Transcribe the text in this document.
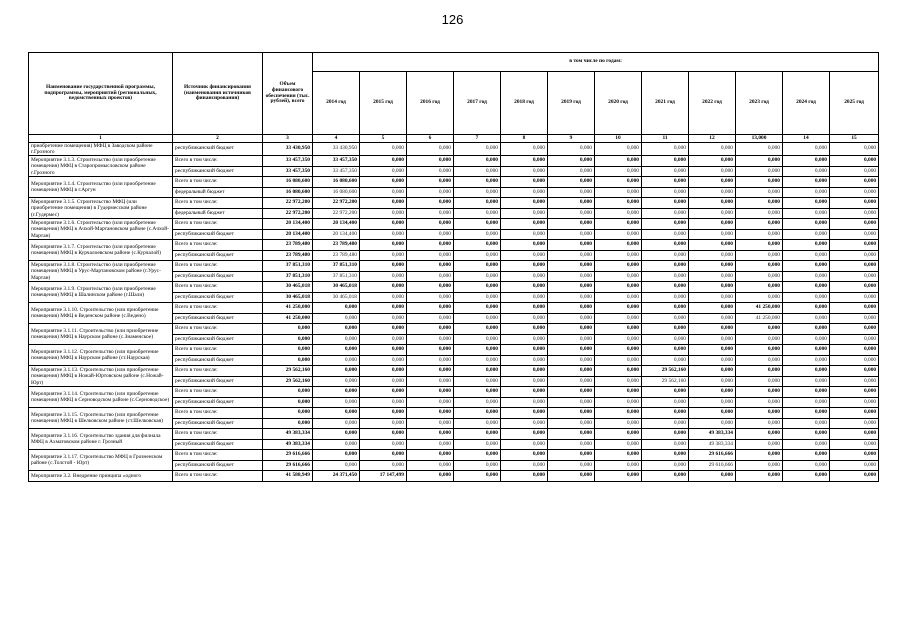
126
Наименование государственной программы, подпрограммы, мероприятий (региональных, ведомственных проектов)	Источник финансирования (наименования источников финансирования)	Объем финансового обеспечения (тыс. рублей), всего	в том числе по годам:											
			2014 год	2015 год	2016 год	2017 год	2018 год	2019 год	2020 год	2021 год	2022 год	2023 год	2024 год	2025 год
1	2	3	4	5	6	7	8	9	10	11	12	13,000	14	15
приобретение помещения) МФЦ в Заводском районе г.Грозного	республиканский бюджет	33 430,950	33 430,950	0,000	0,000	0,000	0,000	0,000	0,000	0,000	0,000	0,000	0,000	0,000
Мероприятие 3.1.3. Строительство (или приобретение помещения) МФЦ в Старопромысловском районе г.Грозного	Всего в том числе:	33 457,350	33 457,350	0,000	0,000	0,000	0,000	0,000	0,000	0,000	0,000	0,000	0,000	0,000
	республиканский бюджет	33 457,350	33 457,350	0,000	0,000	0,000	0,000	0,000	0,000	0,000	0,000	0,000	0,000	0,000
Мероприятие 3.1.4. Строительство (или приобретение помещения) МФЦ в г.Аргун	Всего в том числе:	16 080,600	16 080,600	0,000	0,000	0,000	0,000	0,000	0,000	0,000	0,000	0,000	0,000	0,000
	федеральный бюджет	16 080,600	16 080,600	0,000	0,000	0,000	0,000	0,000	0,000	0,000	0,000	0,000	0,000	0,000
Мероприятие 3.1.5. Строительство МФЦ (или приобретение помещения) в Гудермесском районе (г.Гудермес)	Всего в том числе:	22 972,200	22 972,200	0,000	0,000	0,000	0,000	0,000	0,000	0,000	0,000	0,000	0,000	0,000
	федеральный бюджет	22 972,200	22 972,200	0,000	0,000	0,000	0,000	0,000	0,000	0,000	0,000	0,000	0,000	0,000
Мероприятие 3.1.6. Строительство (или приобретение помещения) МФЦ в Ачхой-Мартановском районе (с.Ачхой-Мартан)	Всего в том числе:	20 134,400	20 134,400	0,000	0,000	0,000	0,000	0,000	0,000	0,000	0,000	0,000	0,000	0,000
	республиканский бюджет	20 134,400	20 134,400	0,000	0,000	0,000	0,000	0,000	0,000	0,000	0,000	0,000	0,000	0,000
Мероприятие 3.1.7. Строительство (или приобретение помещения) МФЦ в Курчалоевском районе (с.Курчалой)	Всего в том числе:	23 789,480	23 789,480	0,000	0,000	0,000	0,000	0,000	0,000	0,000	0,000	0,000	0,000	0,000
	республиканский бюджет	23 789,480	23 789,480	0,000	0,000	0,000	0,000	0,000	0,000	0,000	0,000	0,000	0,000	0,000
Мероприятие 3.1.8. Строительство (или приобретение помещения) МФЦ в Урус-Мартановском районе (г.Урус-Мартан)	Всего в том числе:	37 851,310	37 851,310	0,000	0,000	0,000	0,000	0,000	0,000	0,000	0,000	0,000	0,000	0,000
	республиканский бюджет	37 851,310	37 851,310	0,000	0,000	0,000	0,000	0,000	0,000	0,000	0,000	0,000	0,000	0,000
Мероприятие 3.1.9. Строительство (или приобретение помещения) МФЦ в Шалинском районе (г.Шали)	Всего в том числе:	30 465,018	30 465,018	0,000	0,000	0,000	0,000	0,000	0,000	0,000	0,000	0,000	0,000	0,000
	республиканский бюджет	30 465,018	30 465,018	0,000	0,000	0,000	0,000	0,000	0,000	0,000	0,000	0,000	0,000	0,000
Мероприятие 3.1.10. Строительство (или приобретение помещения) МФЦ в Веденском районе (с.Ведено)	Всего в том числе:	41 250,000	0,000	0,000	0,000	0,000	0,000	0,000	0,000	0,000	0,000	41 250,000	0,000	0,000
	республиканский бюджет	41 250,000	0,000	0,000	0,000	0,000	0,000	0,000	0,000	0,000	0,000	41 250,000	0,000	0,000
Мероприятие 3.1.11. Строительство (или приобретение помещения) МФЦ в Наурском районе (с.Знаменское)	Всего в том числе:	0,000	0,000	0,000	0,000	0,000	0,000	0,000	0,000	0,000	0,000	0,000	0,000	0,000
	республиканский бюджет	0,000	0,000	0,000	0,000	0,000	0,000	0,000	0,000	0,000	0,000	0,000	0,000	0,000
Мероприятие 3.1.12. Строительство (или приобретение помещения) МФЦ в Наурском районе (ст.Наурская)	Всего в том числе:	0,000	0,000	0,000	0,000	0,000	0,000	0,000	0,000	0,000	0,000	0,000	0,000	0,000
	республиканский бюджет	0,000	0,000	0,000	0,000	0,000	0,000	0,000	0,000	0,000	0,000	0,000	0,000	0,000
Мероприятие 3.1.13. Строительство (или приобретение помещения) МФЦ в Ножай-Юртовском районе (с.Ножай-Юрт)	Всего в том числе:	29 562,160	0,000	0,000	0,000	0,000	0,000	0,000	0,000	29 562,160	0,000	0,000	0,000	0,000
	республиканский бюджет	29 562,160	0,000	0,000	0,000	0,000	0,000	0,000	0,000	29 562,160	0,000	0,000	0,000	0,000
Мероприятие 3.1.14. Строительство (или приобретение помещения) МФЦ в Серноводском районе (с.Серноводское)	Всего в том числе:	0,000	0,000	0,000	0,000	0,000	0,000	0,000	0,000	0,000	0,000	0,000	0,000	0,000
	республиканский бюджет	0,000	0,000	0,000	0,000	0,000	0,000	0,000	0,000	0,000	0,000	0,000	0,000	0,000
Мероприятие 3.1.15. Строительство (или приобретение помещения) МФЦ в Шелковском районе (ст.Шелковская)	Всего в том числе:	0,000	0,000	0,000	0,000	0,000	0,000	0,000	0,000	0,000	0,000	0,000	0,000	0,000
	республиканский бюджет	0,000	0,000	0,000	0,000	0,000	0,000	0,000	0,000	0,000	0,000	0,000	0,000	0,000
Мероприятие 3.1.16. Строительство здания для филиала МФЦ в Ахматовском районе г. Грозный	Всего в том числе:	49 383,334	0,000	0,000	0,000	0,000	0,000	0,000	0,000	0,000	49 383,334	0,000	0,000	0,000
	республиканский бюджет	49 383,334	0,000	0,000	0,000	0,000	0,000	0,000	0,000	0,000	49 383,334	0,000	0,000	0,000
Мероприятие 3.1.17. Строительство МФЦ в Грозненском районе (с.Толстой - Юрт)	Всего в том числе:	29 616,666	0,000	0,000	0,000	0,000	0,000	0,000	0,000	0,000	29 616,666	0,000	0,000	0,000
	республиканский бюджет	29 616,666	0,000	0,000	0,000	0,000	0,000	0,000	0,000	0,000	29 616,666	0,000	0,000	0,000
Мероприятие 3.2. Внедрение принципа «одного	Всего в том числе:	41 588,949	24 371,450	17 147,499	0,000	0,000	0,000	0,000	0,000	0,000	0,000	0,000	0,000	0,000
